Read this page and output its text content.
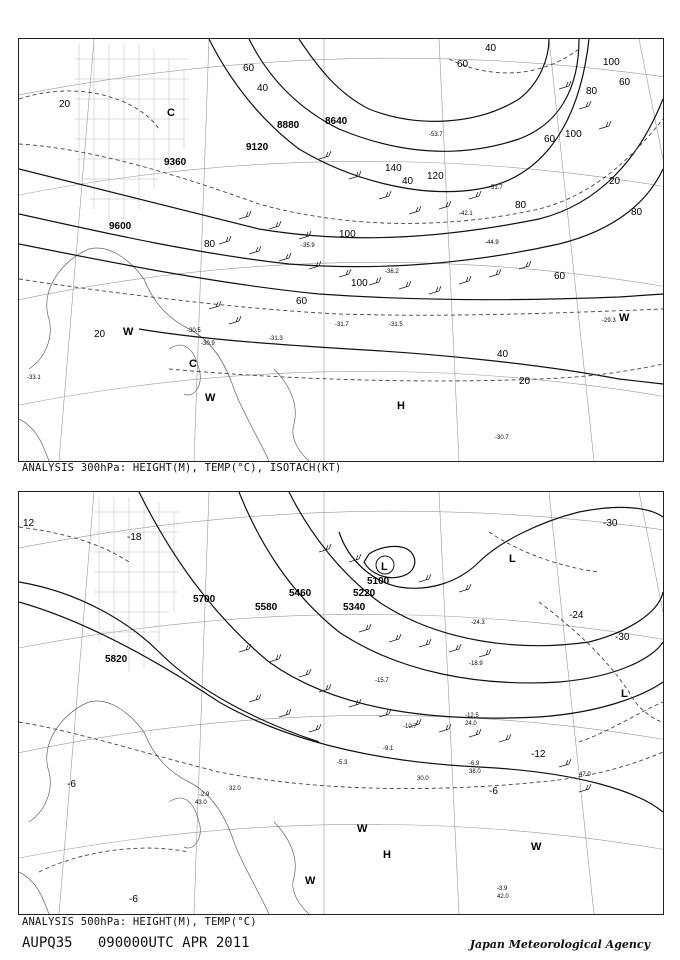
8640
8880
9120
9360
9600
20
20
20
20
40
40
40
40
60	60
60
60
60
60
80
80
80
80
100
100
100
100
120
140
-31.5
-31.7
-31.3
-30.9
-30.5
-33.1
-42.1
-44.9
-51.7
-53.7
-30.7
-29.3
-35.9
-36.2
H
W
W
W
C
C
ANALYSIS 300hPa: HEIGHT(M), TEMP(°C), ISOTACH(KT)
5100
5220
5340
5460
5580
5700
5820
-18
-24
-30
-12
-6
-6
-6
12
-30
-24.3
-18.9
-15.7
-12.5
-10.7
-6.9
-3.9
-2.9
-9.1
-5.3
47.0
43.0
42.0
38.0
32.0
24.0
30.0
L
L
L
H
W
W
W
ANALYSIS 500hPa: HEIGHT(M), TEMP(°C)
AUPQ35 090000UTC APR 2011	Japan Meteorological Agency
